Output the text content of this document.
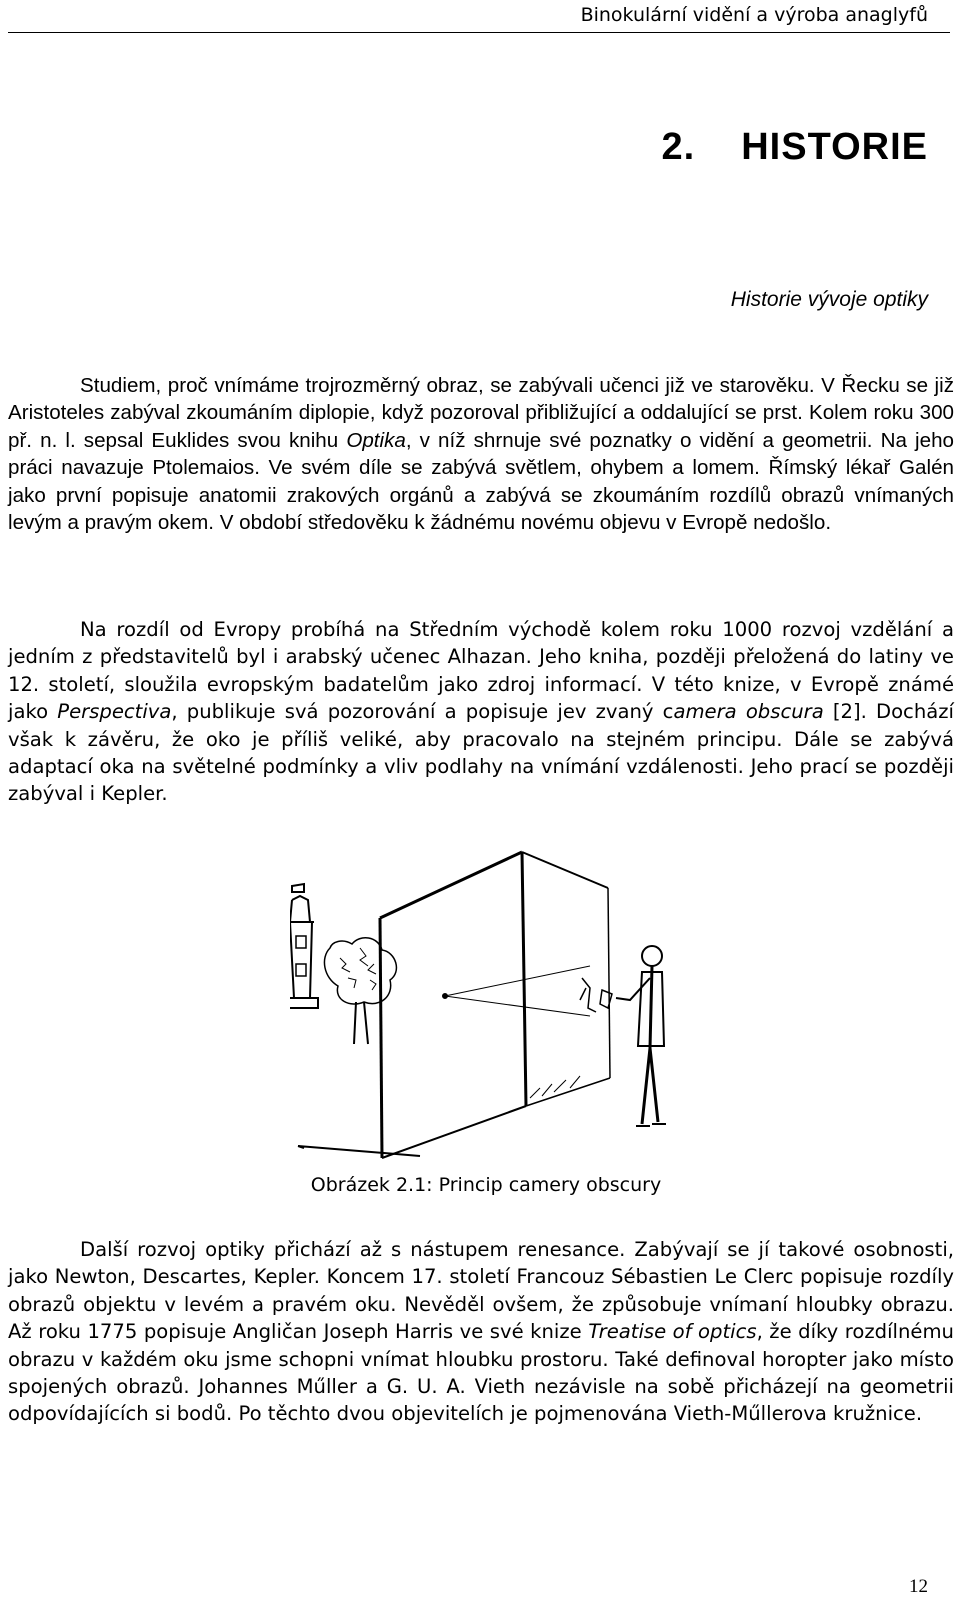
Binokulární vidění a výroba anaglyfů
2. HISTORIE
Historie vývoje optiky

Studiem, proč vnímáme trojrozměrný obraz, se zabývali učenci již ve starověku. V Řecku se již Aristoteles zabýval zkoumáním diplopie, když pozoroval přibližující a oddalující se prst. Kolem roku 300 př. n. l. sepsal Euklides svou knihu Optika, v níž shrnuje své poznatky o vidění a geometrii. Na jeho práci navazuje Ptolemaios. Ve svém díle se zabývá světlem, ohybem a lomem. Římský lékař Galén jako první popisuje anatomii zrakových orgánů a zabývá se zkoumáním rozdílů obrazů vnímaných levým a pravým okem. V období středověku k žádnému novému objevu v Evropě nedošlo.

Na rozdíl od Evropy probíhá na Středním východě kolem roku 1000 rozvoj vzdělání a jedním z představitelů byl i arabský učenec Alhazan. Jeho kniha, později přeložená do latiny ve 12. století, sloužila evropským badatelům jako zdroj informací. V této knize, v Evropě známé jako Perspectiva, publikuje svá pozorování a popisuje jev zvaný camera obscura [2]. Dochází však k závěru, že oko je příliš veliké, aby pracovalo na stejném principu. Dále se zabývá adaptací oka na světelné podmínky a vliv podlahy na vnímání vzdálenosti. Jeho prací se později zabýval i Kepler.

Obrázek 2.1: Princip camery obscury

Další rozvoj optiky přichází až s nástupem renesance. Zabývají se jí takové osobnosti, jako Newton, Descartes, Kepler. Koncem 17. století Francouz Sébastien Le Clerc popisuje rozdíly obrazů objektu v levém a pravém oku. Nevěděl ovšem, že způsobuje vnímaní hloubky obrazu. Až roku 1775 popisuje Angličan Joseph Harris ve své knize Treatise of optics, že díky rozdílnému obrazu v každém oku jsme schopni vnímat hloubku prostoru. Také definoval horopter jako místo spojených obrazů. Johannes Műller a G. U. A. Vieth nezávisle na sobě přicházejí na geometrii odpovídajících si bodů. Po těchto dvou objevitelích je pojmenována Vieth-Műllerova kružnice.

12
